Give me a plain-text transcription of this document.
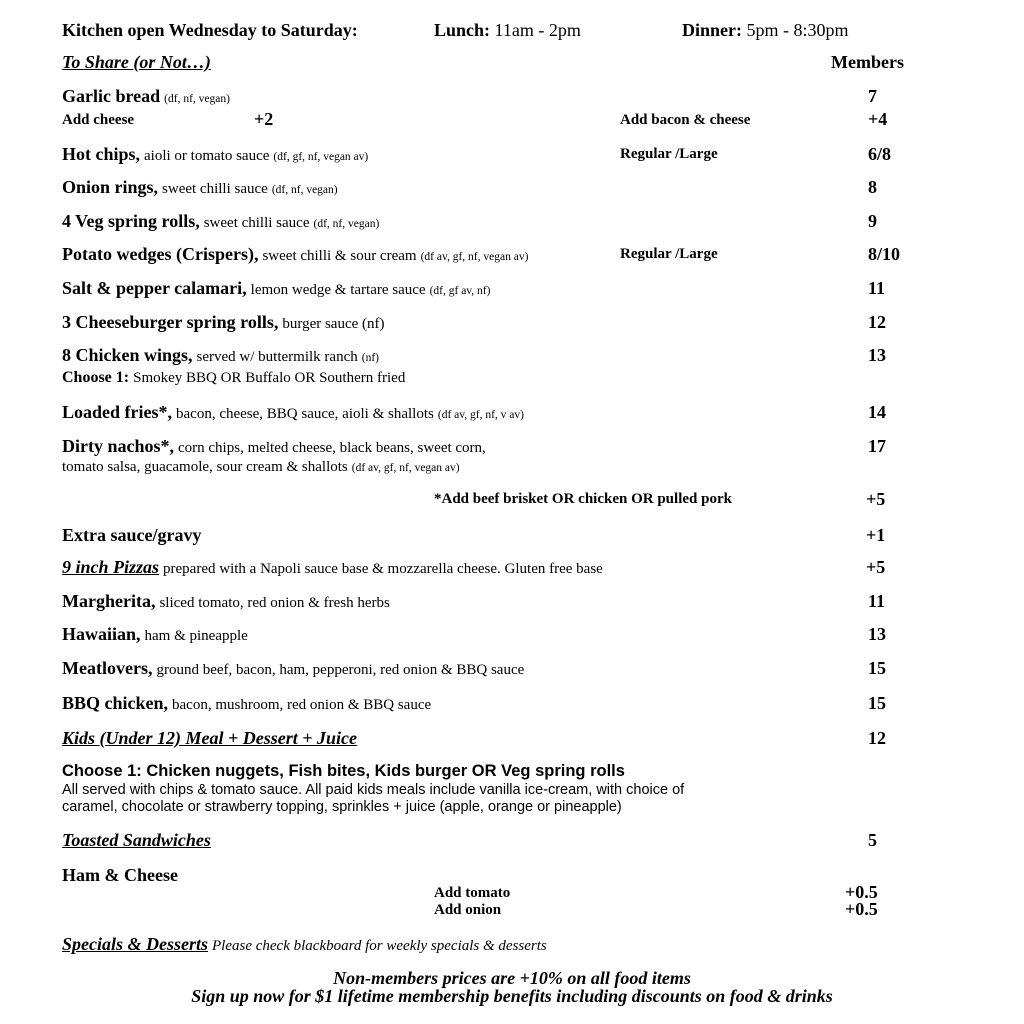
Kitchen open Wednesday to Saturday:	Lunch: 11am - 2pm	Dinner: 5pm - 8:30pm
To Share (or Not…)	Members
Garlic bread (df, nf, vegan)	7
Add cheese	+2	Add bacon & cheese	+4
Hot chips, aioli or tomato sauce (df, gf, nf, vegan av)	Regular /Large	6/8
Onion rings, sweet chilli sauce (df, nf, vegan)	8
4 Veg spring rolls, sweet chilli sauce (df, nf, vegan)	9
Potato wedges (Crispers), sweet chilli & sour cream (df av, gf, nf, vegan av)	Regular /Large	8/10
Salt & pepper calamari, lemon wedge & tartare sauce (df, gf av, nf)	11
3 Cheeseburger spring rolls, burger sauce (nf)	12
8 Chicken wings, served w/ buttermilk ranch (nf)	13
Choose 1: Smokey BBQ OR Buffalo OR Southern fried
Loaded fries*, bacon, cheese, BBQ sauce, aioli & shallots (df av, gf, nf, v av)	14
Dirty nachos*, corn chips, melted cheese, black beans, sweet corn,	17
tomato salsa, guacamole, sour cream & shallots (df av, gf, nf, vegan av)
*Add beef brisket OR chicken OR pulled pork	+5
Extra sauce/gravy	+1
9 inch Pizzas prepared with a Napoli sauce base & mozzarella cheese. Gluten free base	+5
Margherita, sliced tomato, red onion & fresh herbs	11
Hawaiian, ham & pineapple	13
Meatlovers, ground beef, bacon, ham, pepperoni, red onion & BBQ sauce	15
BBQ chicken, bacon, mushroom, red onion & BBQ sauce	15
Kids (Under 12) Meal + Dessert + Juice	12
Choose 1: Chicken nuggets, Fish bites, Kids burger OR Veg spring rolls
All served with chips & tomato sauce. All paid kids meals include vanilla ice-cream, with choice of
caramel, chocolate or strawberry topping, sprinkles + juice (apple, orange or pineapple)
Toasted Sandwiches	5
Ham & Cheese
Add tomato	+0.5
Add onion	+0.5
Specials & Desserts Please check blackboard for weekly specials & desserts
Non-members prices are +10% on all food items
Sign up now for $1 lifetime membership benefits including discounts on food & drinks
